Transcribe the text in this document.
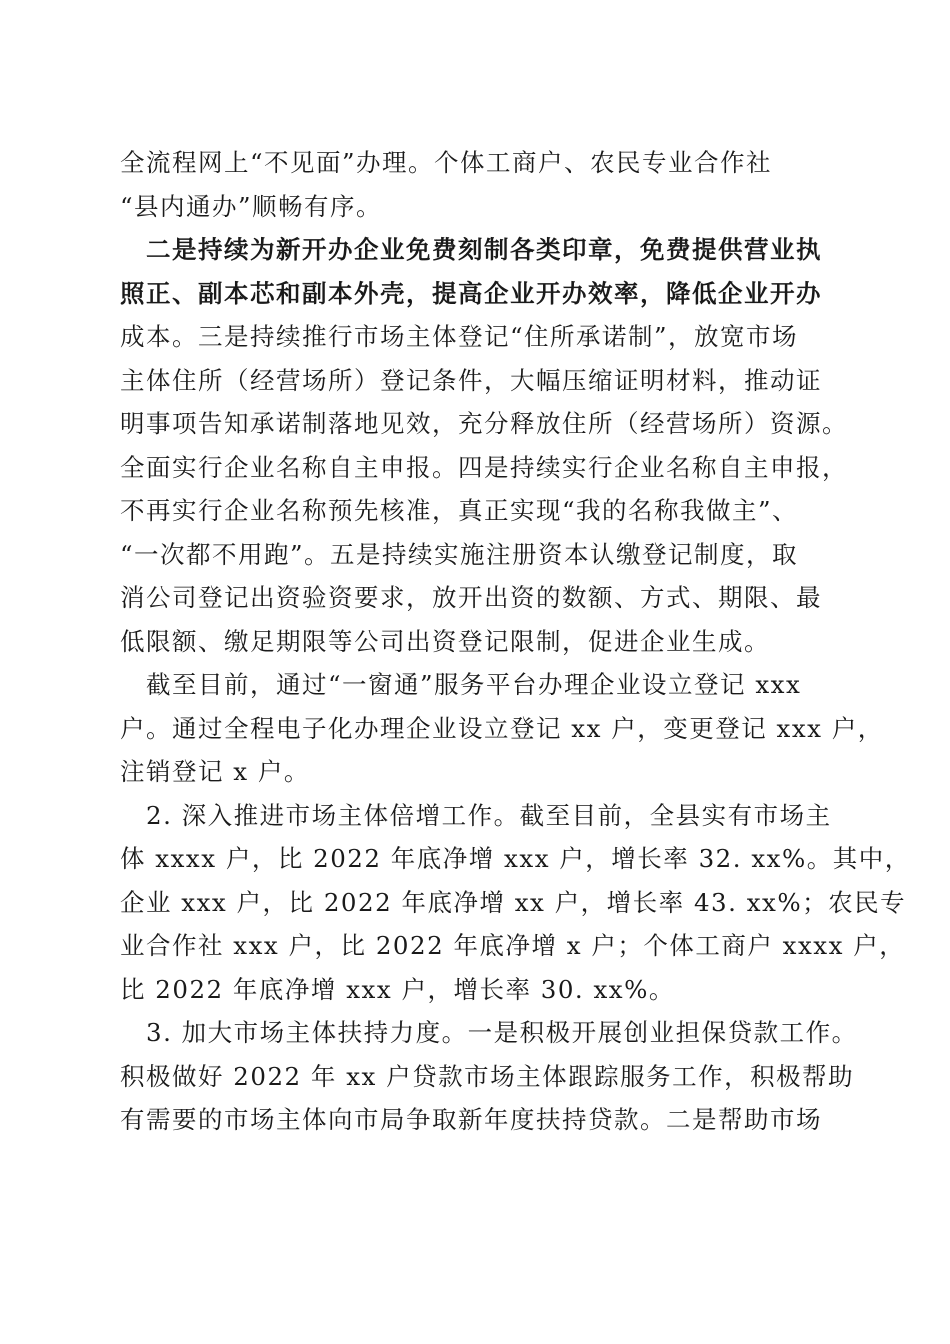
全流程网上“不见面”办理。个体工商户、农民专业合作社
“县内通办”顺畅有序。
　二是持续为新开办企业免费刻制各类印章，免费提供营业执
照正、副本芯和副本外壳，提高企业开办效率，降低企业开办
成本。三是持续推行市场主体登记“住所承诺制”，放宽市场
主体住所（经营场所）登记条件，大幅压缩证明材料，推动证
明事项告知承诺制落地见效，充分释放住所（经营场所）资源。
全面实行企业名称自主申报。四是持续实行企业名称自主申报，
不再实行企业名称预先核准，真正实现“我的名称我做主”、
“一次都不用跑”。五是持续实施注册资本认缴登记制度，取
消公司登记出资验资要求，放开出资的数额、方式、期限、最
低限额、缴足期限等公司出资登记限制，促进企业生成。
　截至目前，通过“一窗通”服务平台办理企业设立登记 xxx
户。通过全程电子化办理企业设立登记 xx 户，变更登记 xxx 户，
注销登记 x 户。
　2. 深入推进市场主体倍增工作。截至目前，全县实有市场主
体 xxxx 户，比 2022 年底净增 xxx 户，增长率 32. xx%。其中，
企业 xxx 户，比 2022 年底净增 xx 户，增长率 43. xx%；农民专
业合作社 xxx 户，比 2022 年底净增 x 户；个体工商户 xxxx 户，
比 2022 年底净增 xxx 户，增长率 30. xx%。
　3. 加大市场主体扶持力度。一是积极开展创业担保贷款工作。
积极做好 2022 年 xx 户贷款市场主体跟踪服务工作，积极帮助
有需要的市场主体向市局争取新年度扶持贷款。二是帮助市场
